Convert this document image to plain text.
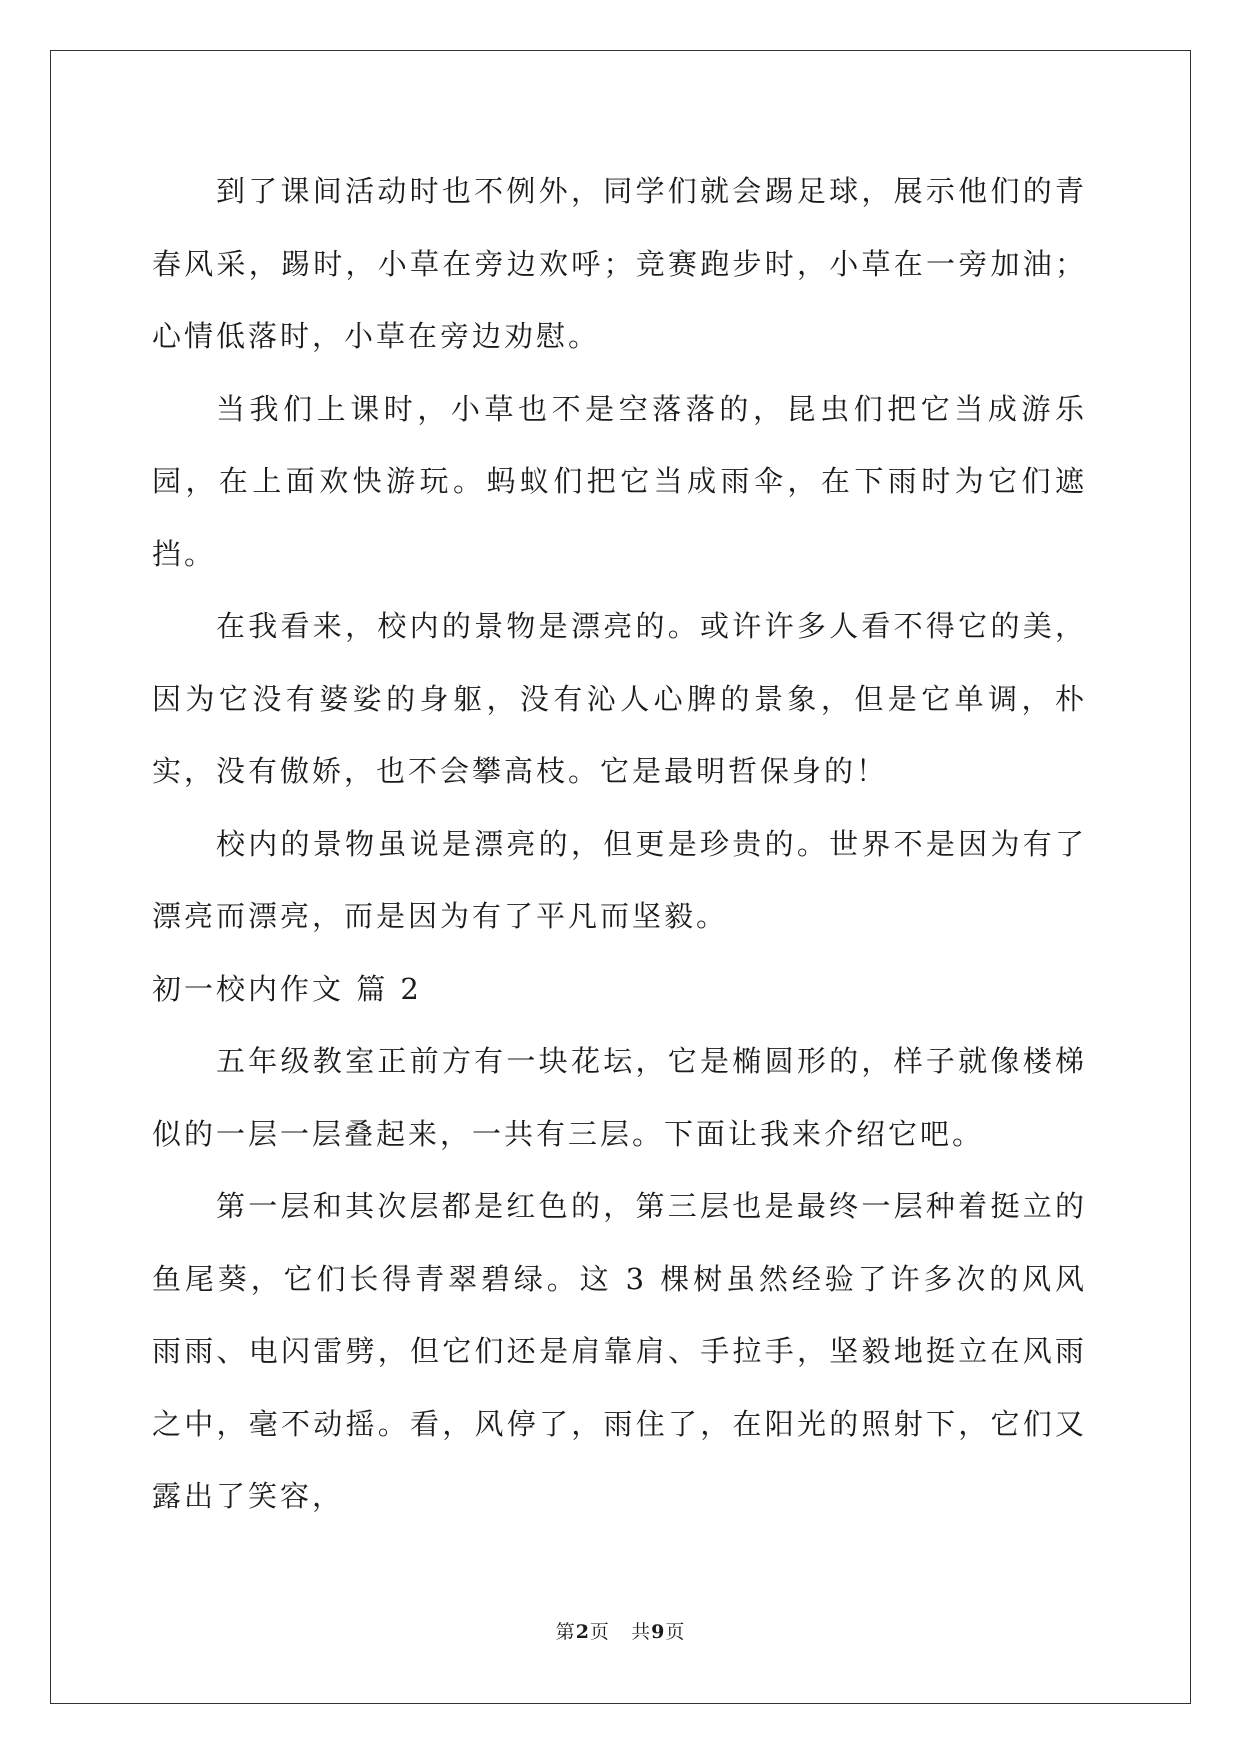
到了课间活动时也不例外，同学们就会踢足球，展示他们的青春风采，踢时，小草在旁边欢呼；竞赛跑步时，小草在一旁加油；心情低落时，小草在旁边劝慰。

当我们上课时，小草也不是空落落的，昆虫们把它当成游乐园，在上面欢快游玩。蚂蚁们把它当成雨伞，在下雨时为它们遮挡。

在我看来，校内的景物是漂亮的。或许许多人看不得它的美，因为它没有婆娑的身躯，没有沁人心脾的景象，但是它单调，朴实，没有傲娇，也不会攀高枝。它是最明哲保身的！

校内的景物虽说是漂亮的，但更是珍贵的。世界不是因为有了漂亮而漂亮，而是因为有了平凡而坚毅。

初一校内作文 篇 2

五年级教室正前方有一块花坛，它是椭圆形的，样子就像楼梯似的一层一层叠起来，一共有三层。下面让我来介绍它吧。

第一层和其次层都是红色的，第三层也是最终一层种着挺立的鱼尾葵，它们长得青翠碧绿。这 3 棵树虽然经验了许多次的风风雨雨、电闪雷劈，但它们还是肩靠肩、手拉手，坚毅地挺立在风雨之中，毫不动摇。看，风停了，雨住了，在阳光的照射下，它们又露出了笑容，

第2页 共9页
